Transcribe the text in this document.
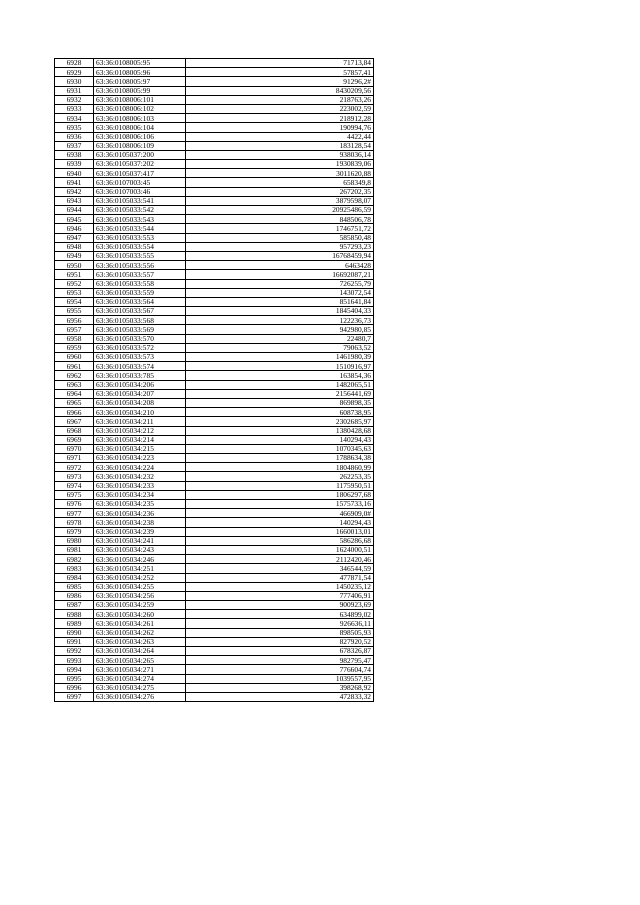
6928	63:36:0108005:95	71713,84
6929	63:36:0108005:96	57857,41
6930	63:36:0108005:97	91296,2#
6931	63:36:0108005:99	8430209,56
6932	63:36:0108006:101	218763,26
6933	63:36:0108006:102	223002,59
6934	63:36:0108006:103	218912,28
6935	63:36:0108006:104	190994,76
6936	63:36:0108006:106	4422,44
6937	63:36:0108006:109	183128,54
6938	63:36:0105037:200	938036,14
6939	63:36:0105037:202	1930839,06
6940	63:36:0105037:417	3011620,88
6941	63:36:0107003:45	658349,8
6942	63:36:0107003:46	267202,35
6943	63:36:0105033:541	3879598,07
6944	63:36:0105033:542	20925486,59
6945	63:36:0105033:543	848506,78
6946	63:36:0105033:544	1746751,72
6947	63:36:0105033:553	585850,48
6948	63:36:0105033:554	957293,23
6949	63:36:0105033:555	16768459,94
6950	63:36:0105033:556	6463428
6951	63:36:0105033:557	16692087,21
6952	63:36:0105033:558	726255,79
6953	63:36:0105033:559	143072,54
6954	63:36:0105033:564	851641,84
6955	63:36:0105033:567	1845404,33
6956	63:36:0105033:568	122236,73
6957	63:36:0105033:569	942980,85
6958	63:36:0105033:570	22480,7
6959	63:36:0105033:572	79063,52
6960	63:36:0105033:573	1461980,39
6961	63:36:0105033:574	1510916,97
6962	63:36:0105033:785	163854,36
6963	63:36:0105034:206	1482065,51
6964	63:36:0105034:207	2156441,69
6965	63:36:0105034:208	869898,35
6966	63:36:0105034:210	608738,95
6967	63:36:0105034:211	2302685,97
6968	63:36:0105034:212	1380428,68
6969	63:36:0105034:214	140294,43
6970	63:36:0105034:215	1070345,63
6971	63:36:0105034:223	1788634,38
6972	63:36:0105034:224	1804860,99
6973	63:36:0105034:232	262253,35
6974	63:36:0105034:233	1175950,51
6975	63:36:0105034:234	1806297,68
6976	63:36:0105034:235	1575733,16
6977	63:36:0105034:236	466909,0#
6978	63:36:0105034:238	140294,43
6979	63:36:0105034:239	1660013,01
6980	63:36:0105034:241	586286,68
6981	63:36:0105034:243	1624000,51
6982	63:36:0105034:246	2112420,46
6983	63:36:0105034:251	346544,59
6984	63:36:0105034:252	477871,54
6985	63:36:0105034:255	1450235,12
6986	63:36:0105034:256	777406,91
6987	63:36:0105034:259	900923,69
6988	63:36:0105034:260	634899,02
6989	63:36:0105034:261	926636,11
6990	63:36:0105034:262	898505,93
6991	63:36:0105034:263	827920,52
6992	63:36:0105034:264	678326,87
6993	63:36:0105034:265	982795,47
6994	63:36:0105034:271	776604,74
6995	63:36:0105034:274	1039557,95
6996	63:36:0105034:275	398268,92
6997	63:36:0105034:276	472833,32
